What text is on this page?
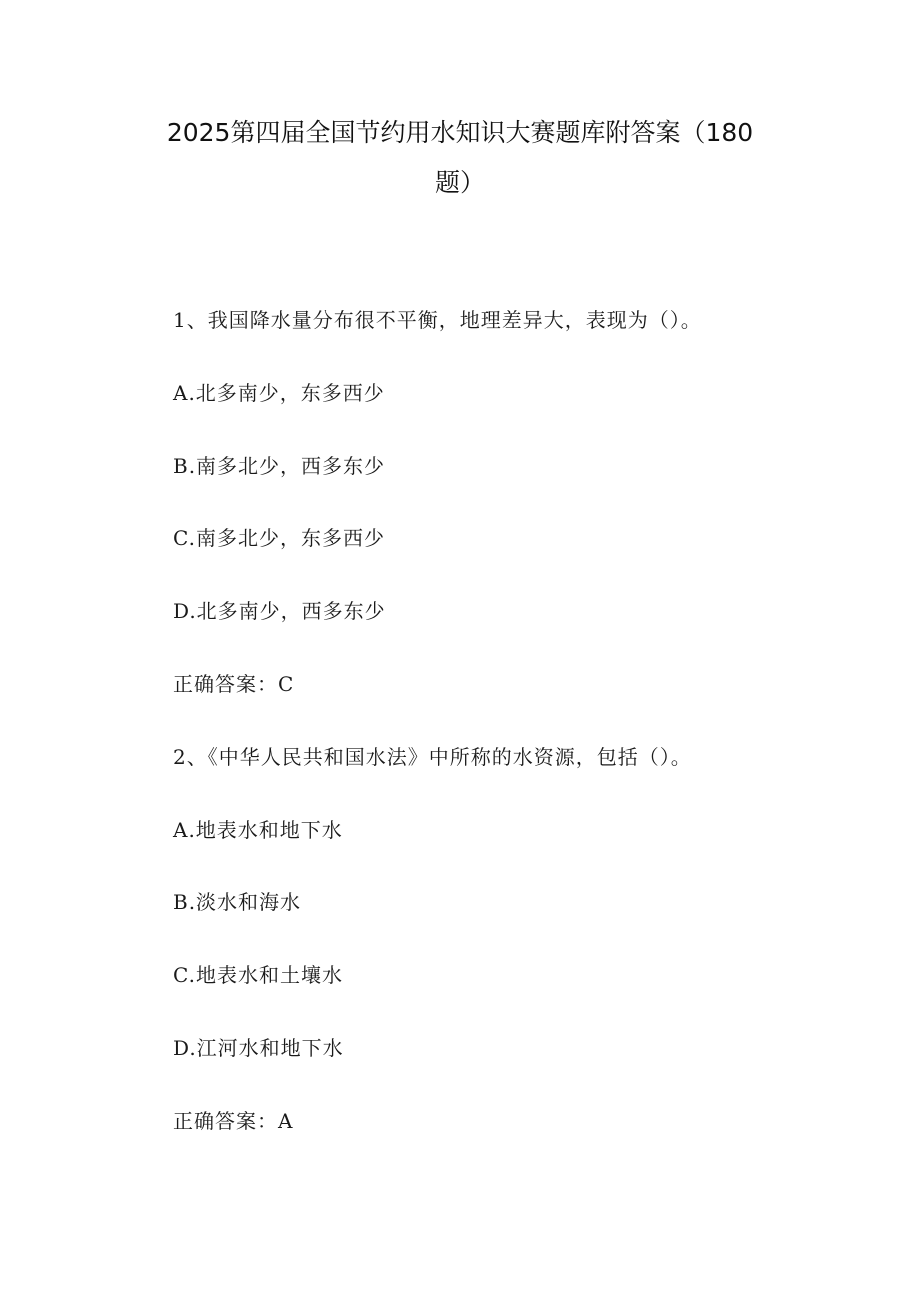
2025第四届全国节约用水知识大赛题库附答案（180
题）
1、我国降水量分布很不平衡，地理差异大，表现为（）。
A.北多南少，东多西少
B.南多北少，西多东少
C.南多北少，东多西少
D.北多南少，西多东少
正确答案：C
2、《中华人民共和国水法》中所称的水资源，包括（）。
A.地表水和地下水
B.淡水和海水
C.地表水和土壤水
D.江河水和地下水
正确答案：A
